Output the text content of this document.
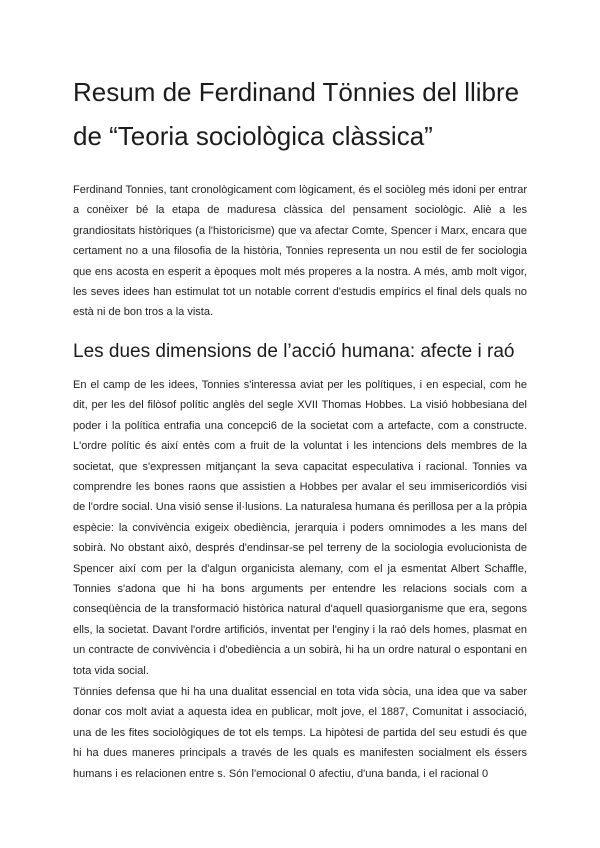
Resum de Ferdinand Tönnies del llibre de “Teoria sociològica clàssica”

Ferdinand Tonnies, tant cronològicament com lògicament, és el sociòleg més idoni per entrar a conèixer bé la etapa de maduresa clàssica del pensament sociològic. Aliè a les grandiositats històriques (a l'historicisme) que va afectar Comte, Spencer i Marx, encara que certament no a una filosofia de la història, Tonnies representa un nou estil de fer sociologia que ens acosta en esperit a èpoques molt més properes a la nostra. A més, amb molt vigor, les seves idees han estimulat tot un notable corrent d'estudis empírics el final dels quals no està ni de bon tros a la vista.

Les dues dimensions de l’acció humana: afecte i raó

En el camp de les idees, Tonnies s'interessa aviat per les polítiques, i en especial, com he dit, per les del filòsof polític anglès del segle XVII Thomas Hobbes. La visió hobbesiana del poder i la política entrafia una concepci6 de la societat com a artefacte, com a constructe. L'ordre polític és així entès com a fruit de la voluntat i les intencions dels membres de la societat, que s'expressen mitjançant la seva capacitat especulativa i racional. Tonnies va comprendre les bones raons que assistien a Hobbes per avalar el seu immisericordiós visi de l'ordre social. Una visió sense il·lusions. La naturalesa humana és perillosa per a la pròpia espècie: la convivència exigeix obediència, jerarquia i poders omnimodes a les mans del sobirà. No obstant això, després d'endinsar-se pel terreny de la sociologia evolucionista de Spencer així com per la d'algun organicista alemany, com el ja esmentat Albert Schaffle, Tonnies s'adona que hi ha bons arguments per entendre les relacions socials com a conseqüència de la transformació històrica natural d'aquell quasiorganisme que era, segons ells, la societat. Davant l'ordre artificiós, inventat per l'enginy i la raó dels homes, plasmat en un contracte de convivència i d'obediència a un sobirà, hi ha un ordre natural o espontani en tota vida social.

Tönnies defensa que hi ha una dualitat essencial en tota vida sòcia, una idea que va saber donar cos molt aviat a aquesta idea en publicar, molt jove, el 1887, Comunitat i associació, una de les fites sociològiques de tot els temps. La hipòtesi de partida del seu estudi és que hi ha dues maneres principals a través de les quals es manifesten socialment els éssers humans i es relacionen entre s. Són l'emocional 0 afectiu, d'una banda, i el racional 0
